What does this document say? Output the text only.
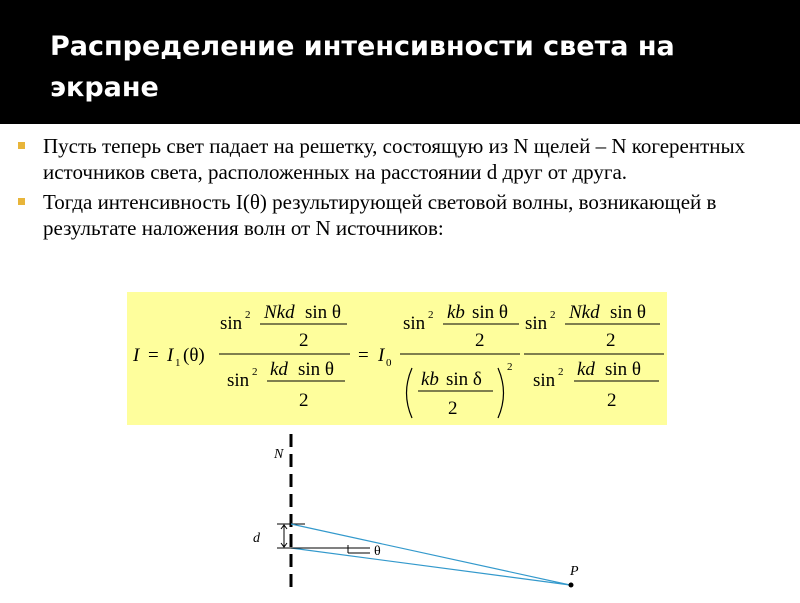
Распределение интенсивности света на экране
Пусть теперь свет падает на решетку, состоящую из N щелей – N когерентных источников света, расположенных на расстоянии d друг от друга.
Тогда интенсивность I(θ) результирующей световой волны, возникающей в результате наложения волн от N источников:
I = I 1 (θ)
sin 2 Nkd sin θ
2
sin 2 kd sin θ
2
= I 0
sin 2 kb sin θ
2
kb sin δ
2
2
sin 2 Nkd sin θ
2
sin 2 kd sin θ
2
N
d
θ
P
